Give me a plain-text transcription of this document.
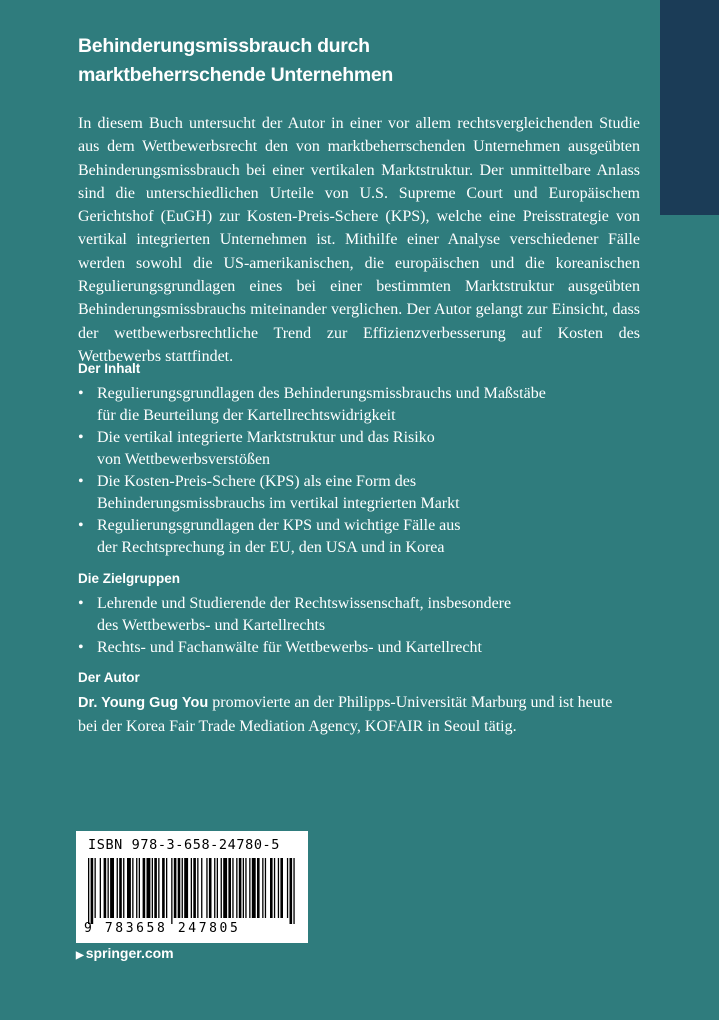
Behinderungsmissbrauch durch
marktbeherrschende Unternehmen

In diesem Buch untersucht der Autor in einer vor allem rechtsvergleichenden Studie aus dem Wettbewerbsrecht den von marktbeherrschenden Unternehmen ausgeübten Behinderungsmissbrauch bei einer vertikalen Marktstruktur. Der unmittelbare Anlass sind die unterschiedlichen Urteile von U.S. Supreme Court und Europäischem Gerichtshof (EuGH) zur Kosten-Preis-Schere (KPS), welche eine Preisstrategie von vertikal integrierten Unternehmen ist. Mithilfe einer Analyse verschiedener Fälle werden sowohl die US-amerikanischen, die europäischen und die koreanischen Regulierungsgrundlagen eines bei einer bestimmten Marktstruktur ausgeübten Behinderungsmissbrauchs miteinander verglichen. Der Autor gelangt zur Einsicht, dass der wettbewerbsrechtliche Trend zur Effizienzverbesserung auf Kosten des Wettbewerbs stattfindet.

Der Inhalt
• Regulierungsgrundlagen des Behinderungsmissbrauchs und Maßstäbe
für die Beurteilung der Kartellrechtswidrigkeit
• Die vertikal integrierte Marktstruktur und das Risiko
von Wettbewerbsverstößen
• Die Kosten-Preis-Schere (KPS) als eine Form des
Behinderungsmissbrauchs im vertikal integrierten Markt
• Regulierungsgrundlagen der KPS und wichtige Fälle aus
der Rechtsprechung in der EU, den USA und in Korea
Die Zielgruppen
• Lehrende und Studierende der Rechtswissenschaft, insbesondere
des Wettbewerbs- und Kartellrechts
• Rechts- und Fachanwälte für Wettbewerbs- und Kartellrecht
Der Autor
Dr. Young Gug You promovierte an der Philipps-Universität Marburg und ist heute
bei der Korea Fair Trade Mediation Agency, KOFAIR in Seoul tätig.
ISBN 978-3-658-24780-5
9 783658 247805
▶ springer.com
